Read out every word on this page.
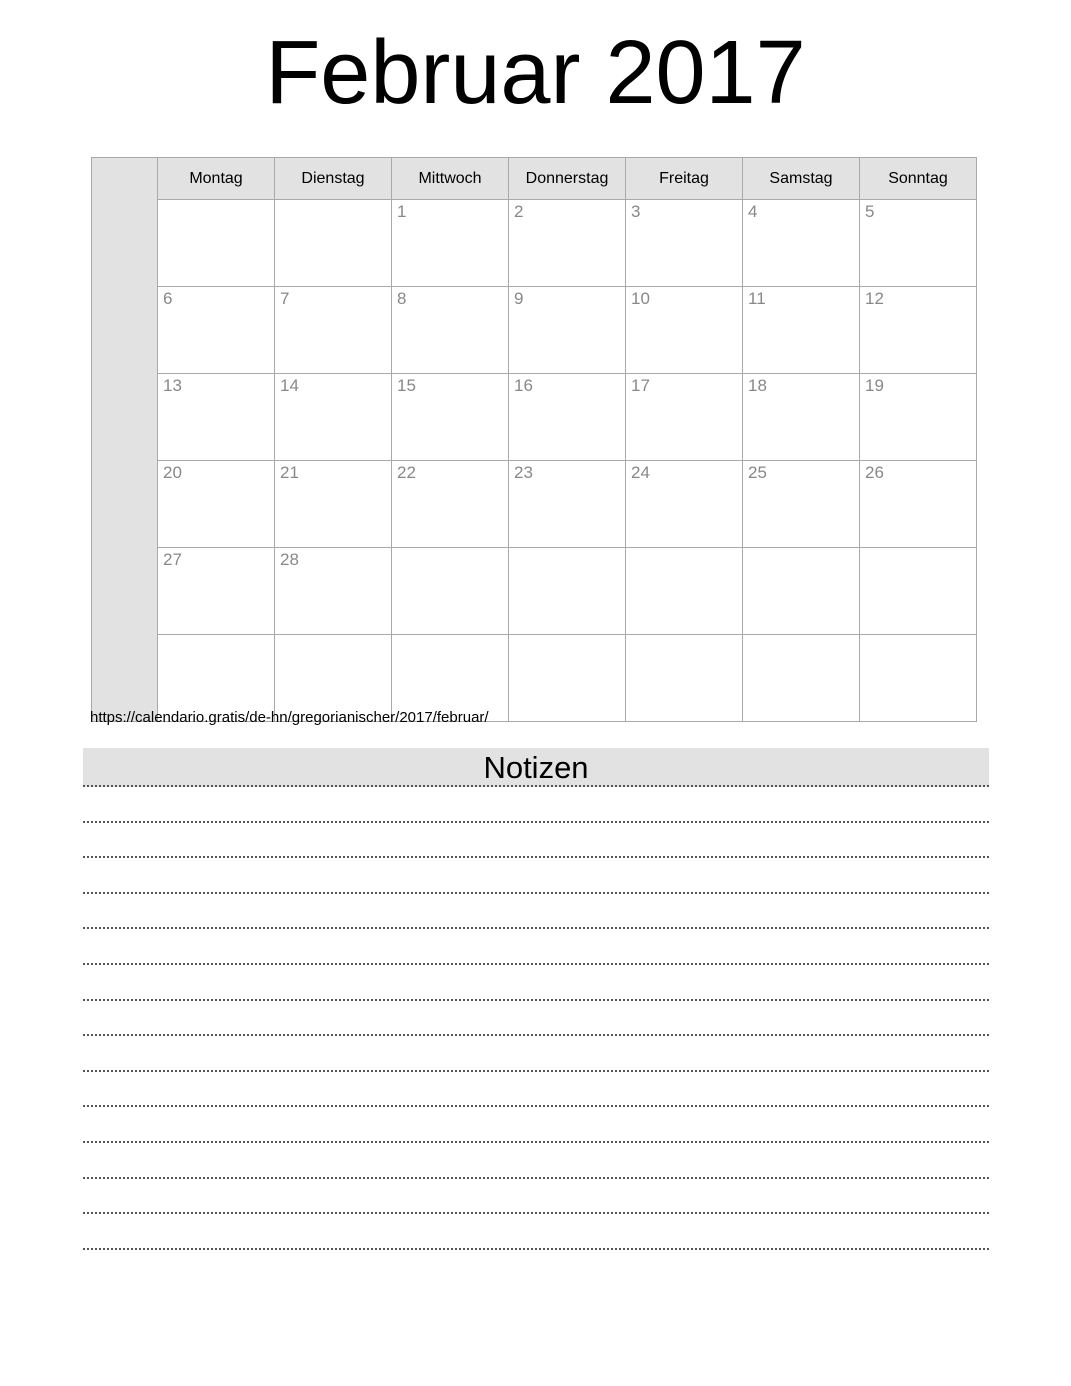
Februar 2017
	Montag	Dienstag	Mittwoch	Donnerstag	Freitag	Samstag	Sonntag
			1	2	3	4	5
	6	7	8	9	10	11	12
	13	14	15	16	17	18	19
	20	21	22	23	24	25	26
	27	28					

https://calendario.gratis/de-hn/gregorianischer/2017/februar/
Notizen
